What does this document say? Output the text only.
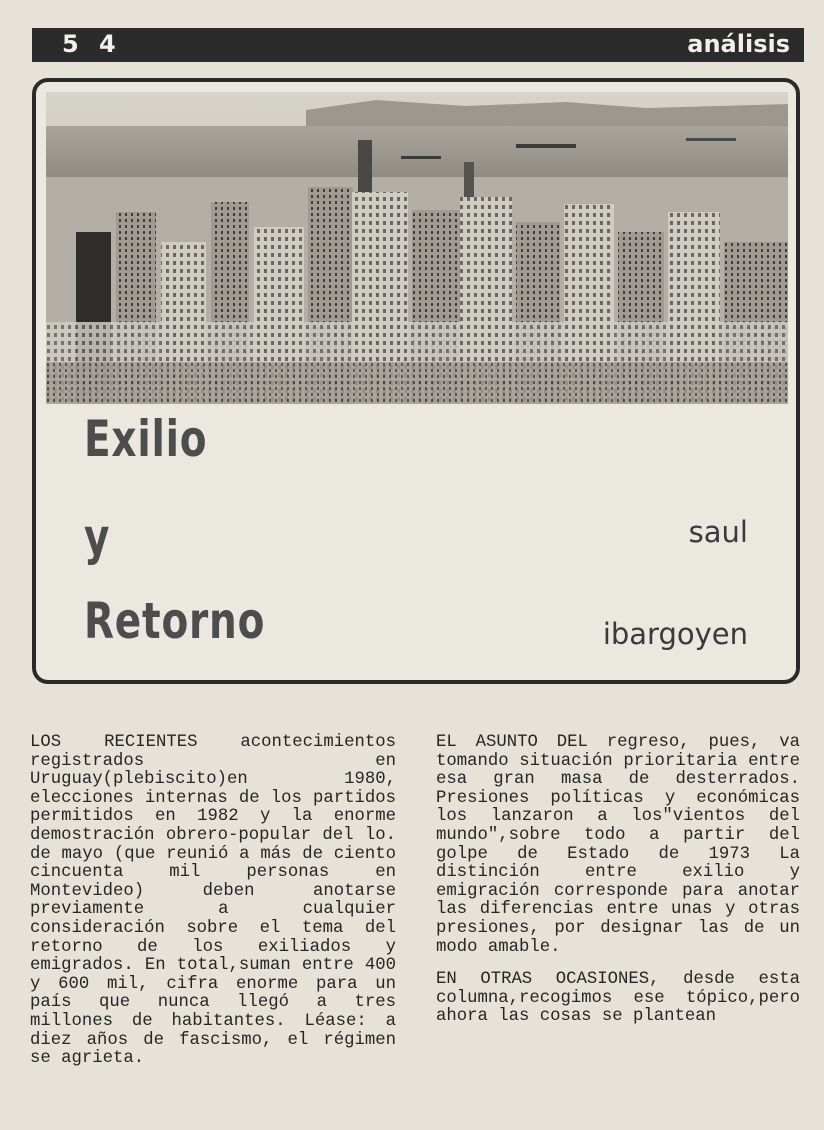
5 4	análisis
Exilio
y
Retorno
saul
ibargoyen

LOS RECIENTES acontecimientos registrados en Uruguay(plebiscito)en 1980, elecciones internas de los partidos permitidos en 1982 y la enorme demostración obrero-popular del lo. de mayo (que reunió a más de ciento cincuenta mil personas en Montevideo) deben anotarse previamente a cualquier consideración sobre el tema del retorno de los exiliados y emigrados. En total,suman entre 400 y 600 mil, cifra enorme para un país que nunca llegó a tres millones de habitantes. Léase: a diez años de fascismo, el régimen se agrieta.

EL ASUNTO DEL regreso, pues, va tomando situación prioritaria entre esa gran masa de desterrados. Presiones políticas y económicas los lanzaron a los"vientos del mundo",sobre todo a partir del golpe de Estado de 1973 La distinción entre exilio y emigración corresponde para anotar las diferencias entre unas y otras presiones, por designar las de un modo amable.

EN OTRAS OCASIONES, desde esta columna,recogimos ese tópico,pero ahora las cosas se plantean
